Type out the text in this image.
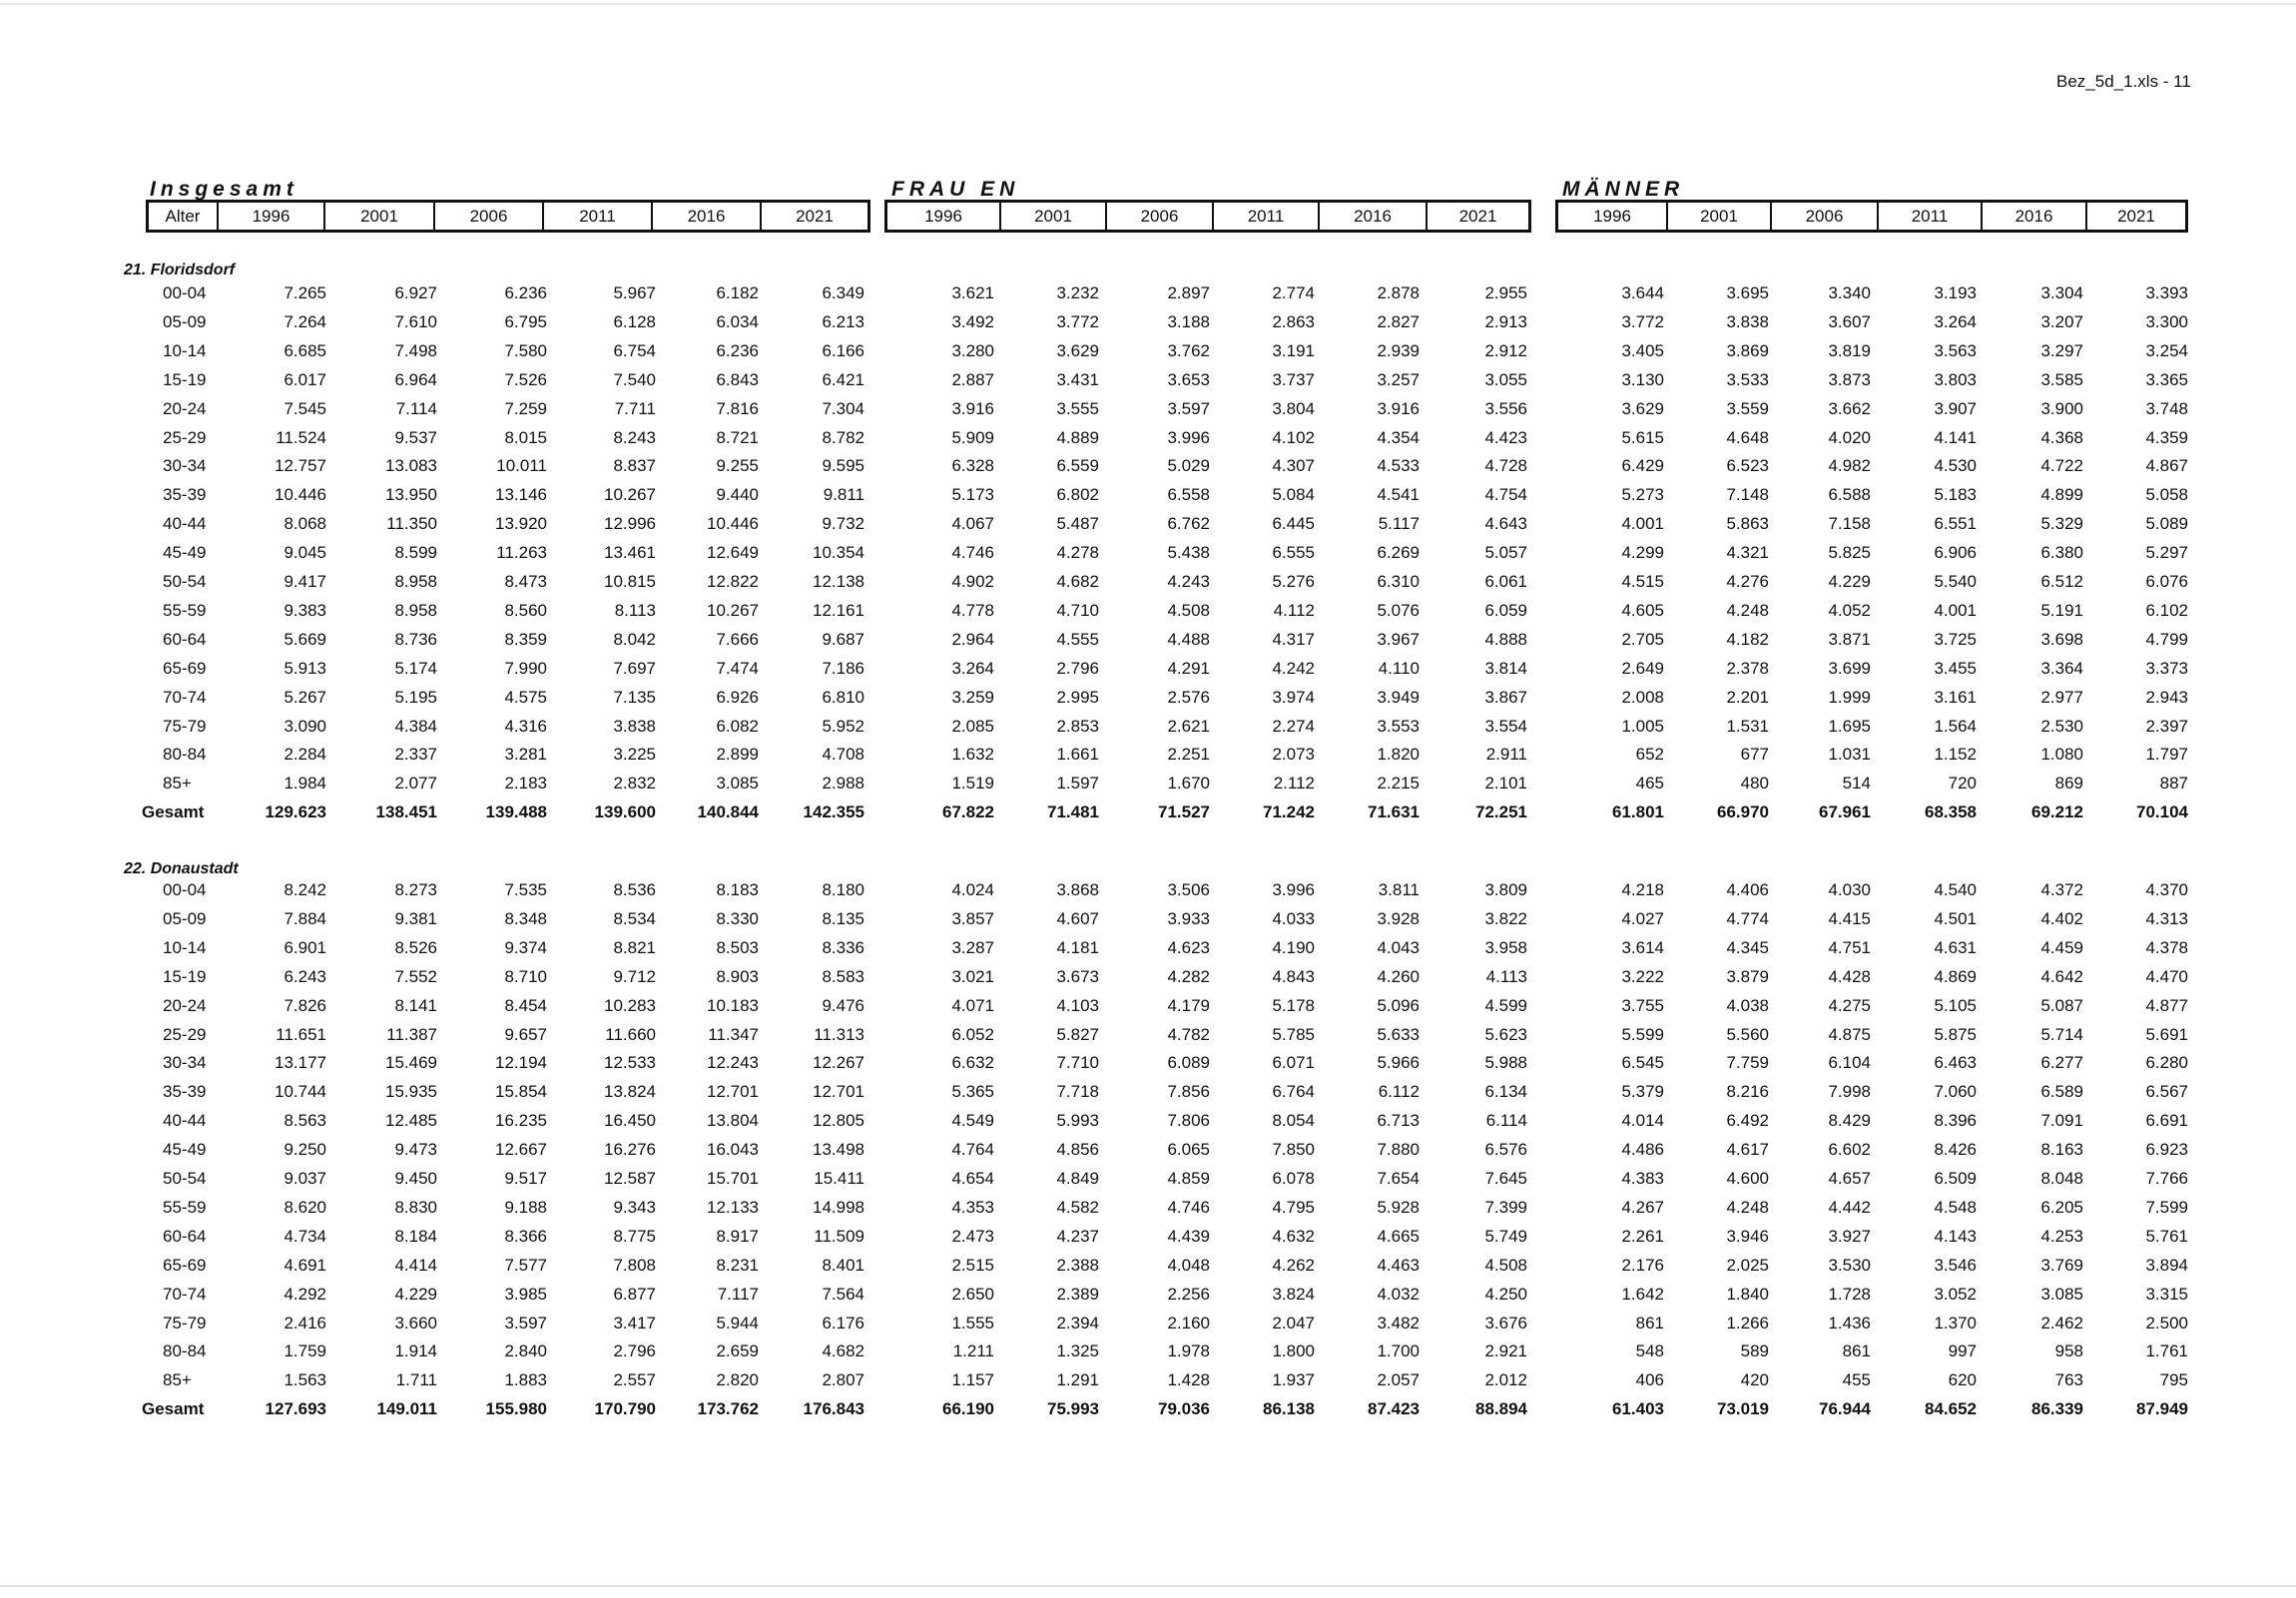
Bez_5d_1.xls - 11
Insgesamt	FRAU EN	MÄNNER
Alter	1996	2001	2006	2011	2016	2021	1996	2001	2006	2011	2016	2021	1996	2001	2006	2011	2016	2021
21. Floridsdorf
00-04	7.265	6.927	6.236	5.967	6.182	6.349	3.621	3.232	2.897	2.774	2.878	2.955	3.644	3.695	3.340	3.193	3.304	3.393
05-09	7.264	7.610	6.795	6.128	6.034	6.213	3.492	3.772	3.188	2.863	2.827	2.913	3.772	3.838	3.607	3.264	3.207	3.300
10-14	6.685	7.498	7.580	6.754	6.236	6.166	3.280	3.629	3.762	3.191	2.939	2.912	3.405	3.869	3.819	3.563	3.297	3.254
15-19	6.017	6.964	7.526	7.540	6.843	6.421	2.887	3.431	3.653	3.737	3.257	3.055	3.130	3.533	3.873	3.803	3.585	3.365
20-24	7.545	7.114	7.259	7.711	7.816	7.304	3.916	3.555	3.597	3.804	3.916	3.556	3.629	3.559	3.662	3.907	3.900	3.748
25-29	11.524	9.537	8.015	8.243	8.721	8.782	5.909	4.889	3.996	4.102	4.354	4.423	5.615	4.648	4.020	4.141	4.368	4.359
30-34	12.757	13.083	10.011	8.837	9.255	9.595	6.328	6.559	5.029	4.307	4.533	4.728	6.429	6.523	4.982	4.530	4.722	4.867
35-39	10.446	13.950	13.146	10.267	9.440	9.811	5.173	6.802	6.558	5.084	4.541	4.754	5.273	7.148	6.588	5.183	4.899	5.058
40-44	8.068	11.350	13.920	12.996	10.446	9.732	4.067	5.487	6.762	6.445	5.117	4.643	4.001	5.863	7.158	6.551	5.329	5.089
45-49	9.045	8.599	11.263	13.461	12.649	10.354	4.746	4.278	5.438	6.555	6.269	5.057	4.299	4.321	5.825	6.906	6.380	5.297
50-54	9.417	8.958	8.473	10.815	12.822	12.138	4.902	4.682	4.243	5.276	6.310	6.061	4.515	4.276	4.229	5.540	6.512	6.076
55-59	9.383	8.958	8.560	8.113	10.267	12.161	4.778	4.710	4.508	4.112	5.076	6.059	4.605	4.248	4.052	4.001	5.191	6.102
60-64	5.669	8.736	8.359	8.042	7.666	9.687	2.964	4.555	4.488	4.317	3.967	4.888	2.705	4.182	3.871	3.725	3.698	4.799
65-69	5.913	5.174	7.990	7.697	7.474	7.186	3.264	2.796	4.291	4.242	4.110	3.814	2.649	2.378	3.699	3.455	3.364	3.373
70-74	5.267	5.195	4.575	7.135	6.926	6.810	3.259	2.995	2.576	3.974	3.949	3.867	2.008	2.201	1.999	3.161	2.977	2.943
75-79	3.090	4.384	4.316	3.838	6.082	5.952	2.085	2.853	2.621	2.274	3.553	3.554	1.005	1.531	1.695	1.564	2.530	2.397
80-84	2.284	2.337	3.281	3.225	2.899	4.708	1.632	1.661	2.251	2.073	1.820	2.911	652	677	1.031	1.152	1.080	1.797
85+	1.984	2.077	2.183	2.832	3.085	2.988	1.519	1.597	1.670	2.112	2.215	2.101	465	480	514	720	869	887
Gesamt	129.623	138.451	139.488	139.600 140.844	142.355	67.822	71.481	71.527	71.242	71.631	72.251	61.801	66.970	67.961	68.358	69.212	70.104
22. Donaustadt
00-04	8.242	8.273	7.535	8.536	8.183	8.180	4.024	3.868	3.506	3.996	3.811	3.809	4.218	4.406	4.030	4.540	4.372	4.370
05-09	7.884	9.381	8.348	8.534	8.330	8.135	3.857	4.607	3.933	4.033	3.928	3.822	4.027	4.774	4.415	4.501	4.402	4.313
10-14	6.901	8.526	9.374	8.821	8.503	8.336	3.287	4.181	4.623	4.190	4.043	3.958	3.614	4.345	4.751	4.631	4.459	4.378
15-19	6.243	7.552	8.710	9.712	8.903	8.583	3.021	3.673	4.282	4.843	4.260	4.113	3.222	3.879	4.428	4.869	4.642	4.470
20-24	7.826	8.141	8.454	10.283	10.183	9.476	4.071	4.103	4.179	5.178	5.096	4.599	3.755	4.038	4.275	5.105	5.087	4.877
25-29	11.651	11.387	9.657	11.660	11.347	11.313	6.052	5.827	4.782	5.785	5.633	5.623	5.599	5.560	4.875	5.875	5.714	5.691
30-34	13.177	15.469	12.194	12.533	12.243	12.267	6.632	7.710	6.089	6.071	5.966	5.988	6.545	7.759	6.104	6.463	6.277	6.280
35-39	10.744	15.935	15.854	13.824	12.701	12.701	5.365	7.718	7.856	6.764	6.112	6.134	5.379	8.216	7.998	7.060	6.589	6.567
40-44	8.563	12.485	16.235	16.450	13.804	12.805	4.549	5.993	7.806	8.054	6.713	6.114	4.014	6.492	8.429	8.396	7.091	6.691
45-49	9.250	9.473	12.667	16.276	16.043	13.498	4.764	4.856	6.065	7.850	7.880	6.576	4.486	4.617	6.602	8.426	8.163	6.923
50-54	9.037	9.450	9.517	12.587	15.701	15.411	4.654	4.849	4.859	6.078	7.654	7.645	4.383	4.600	4.657	6.509	8.048	7.766
55-59	8.620	8.830	9.188	9.343	12.133	14.998	4.353	4.582	4.746	4.795	5.928	7.399	4.267	4.248	4.442	4.548	6.205	7.599
60-64	4.734	8.184	8.366	8.775	8.917	11.509	2.473	4.237	4.439	4.632	4.665	5.749	2.261	3.946	3.927	4.143	4.253	5.761
65-69	4.691	4.414	7.577	7.808	8.231	8.401	2.515	2.388	4.048	4.262	4.463	4.508	2.176	2.025	3.530	3.546	3.769	3.894
70-74	4.292	4.229	3.985	6.877	7.117	7.564	2.650	2.389	2.256	3.824	4.032	4.250	1.642	1.840	1.728	3.052	3.085	3.315
75-79	2.416	3.660	3.597	3.417	5.944	6.176	1.555	2.394	2.160	2.047	3.482	3.676	861	1.266	1.436	1.370	2.462	2.500
80-84	1.759	1.914	2.840	2.796	2.659	4.682	1.211	1.325	1.978	1.800	1.700	2.921	548	589	861	997	958	1.761
85+	1.563	1.711	1.883	2.557	2.820	2.807	1.157	1.291	1.428	1.937	2.057	2.012	406	420	455	620	763	795
Gesamt	127.693	149.011	155.980	170.790 173.762	176.843	66.190	75.993	79.036	86.138	87.423	88.894	61.403	73.019	76.944	84.652	86.339	87.949
